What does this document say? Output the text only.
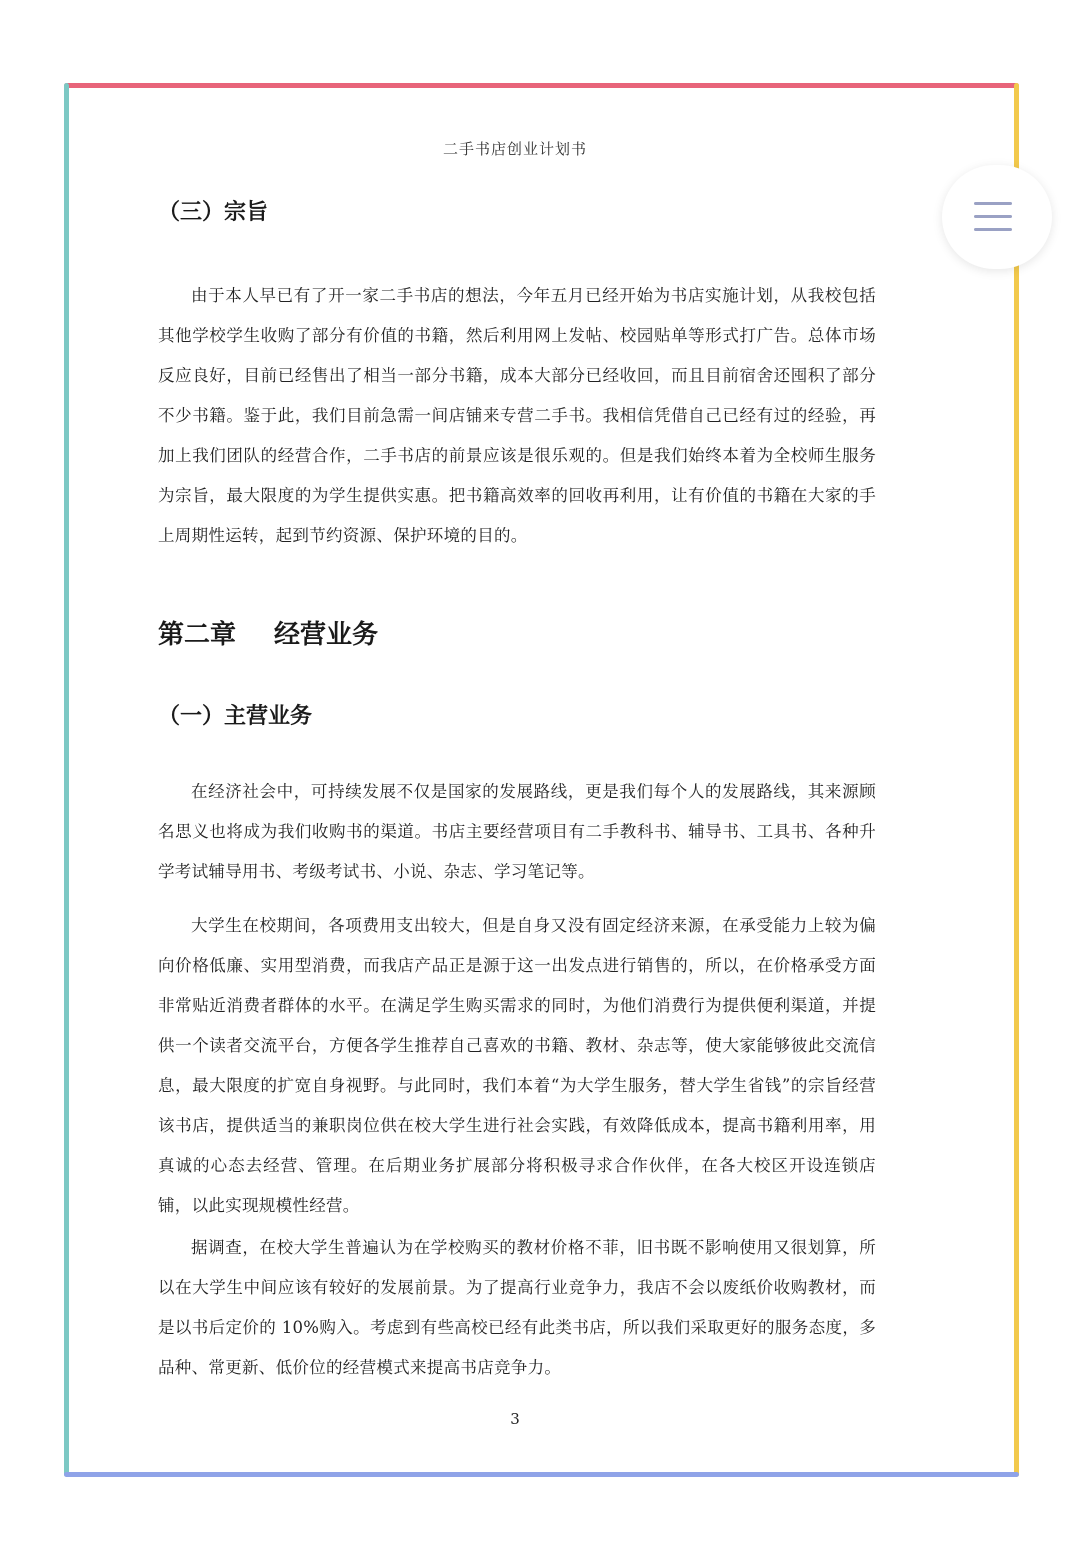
二手书店创业计划书
（三）宗旨

由于本人早已有了开一家二手书店的想法，今年五月已经开始为书店实施计划，从我校包括其他学校学生收购了部分有价值的书籍，然后利用网上发帖、校园贴单等形式打广告。总体市场反应良好，目前已经售出了相当一部分书籍，成本大部分已经收回，而且目前宿舍还囤积了部分不少书籍。鉴于此，我们目前急需一间店铺来专营二手书。我相信凭借自己已经有过的经验，再加上我们团队的经营合作，二手书店的前景应该是很乐观的。但是我们始终本着为全校师生服务为宗旨，最大限度的为学生提供实惠。把书籍高效率的回收再利用，让有价值的书籍在大家的手上周期性运转，起到节约资源、保护环境的目的。

第二章 经营业务
（一）主营业务

在经济社会中，可持续发展不仅是国家的发展路线，更是我们每个人的发展路线，其来源顾名思义也将成为我们收购书的渠道。书店主要经营项目有二手教科书、辅导书、工具书、各种升学考试辅导用书、考级考试书、小说、杂志、学习笔记等。

大学生在校期间，各项费用支出较大，但是自身又没有固定经济来源，在承受能力上较为偏向价格低廉、实用型消费，而我店产品正是源于这一出发点进行销售的，所以，在价格承受方面非常贴近消费者群体的水平。在满足学生购买需求的同时，为他们消费行为提供便利渠道，并提供一个读者交流平台，方便各学生推荐自己喜欢的书籍、教材、杂志等，使大家能够彼此交流信息，最大限度的扩宽自身视野。与此同时，我们本着“为大学生服务，替大学生省钱”的宗旨经营该书店，提供适当的兼职岗位供在校大学生进行社会实践，有效降低成本，提高书籍利用率，用真诚的心态去经营、管理。在后期业务扩展部分将积极寻求合作伙伴，在各大校区开设连锁店铺，以此实现规模性经营。

据调查，在校大学生普遍认为在学校购买的教材价格不菲，旧书既不影响使用又很划算，所以在大学生中间应该有较好的发展前景。为了提高行业竞争力，我店不会以废纸价收购教材，而是以书后定价的 10%购入。考虑到有些高校已经有此类书店，所以我们采取更好的服务态度，多品种、常更新、低价位的经营模式来提高书店竞争力。

3
